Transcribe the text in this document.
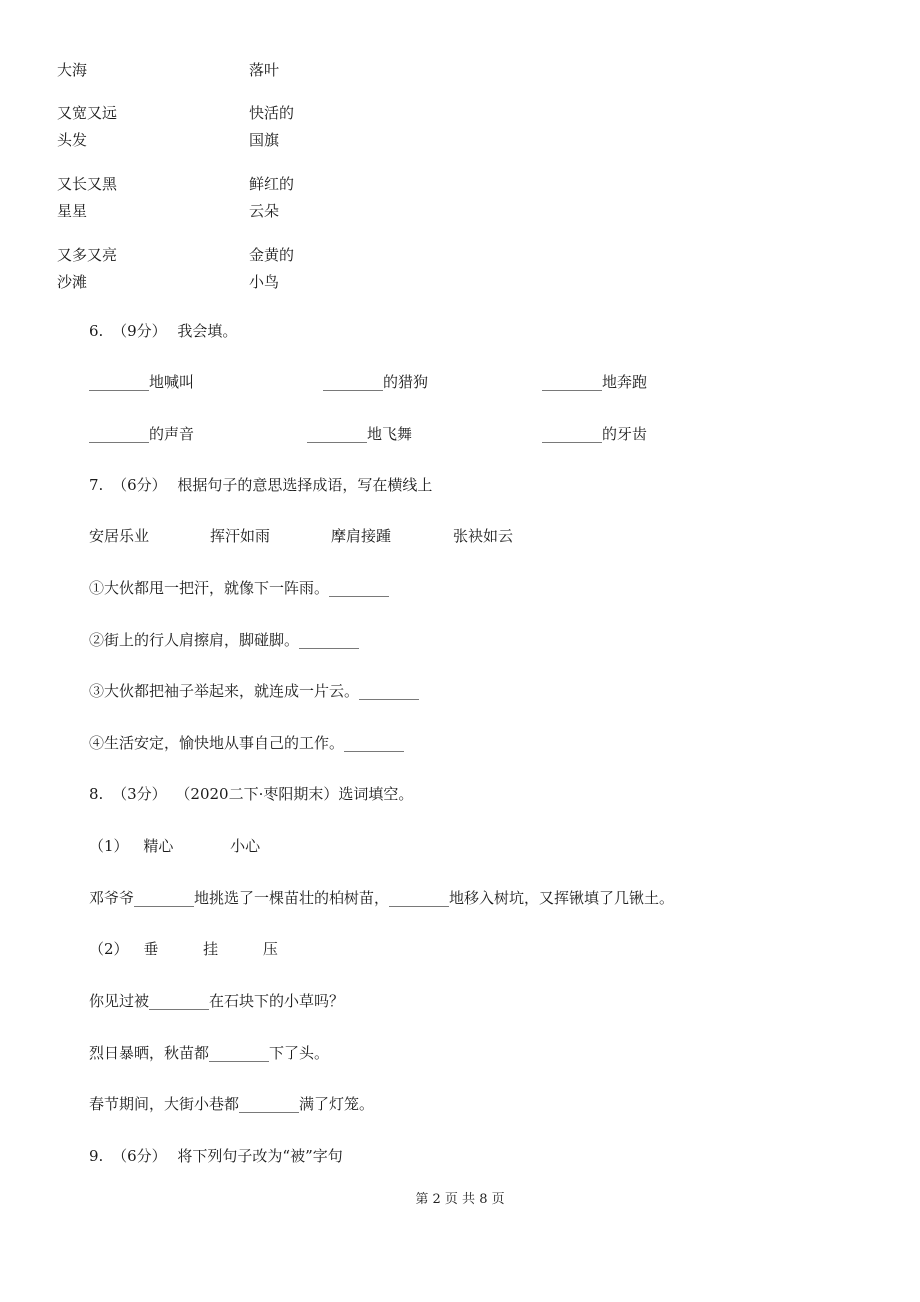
大海	落叶
又宽又远	快活的
头发	国旗
又长又黑	鲜红的
星星	云朵
又多又亮	金黄的
沙滩	小鸟
6. （9分） 我会填。
________地喊叫	________的猎狗	________地奔跑
________的声音	________地飞舞	________的牙齿
7. （6分） 根据句子的意思选择成语，写在横线上
安居乐业	挥汗如雨	摩肩接踵	张袂如云
①大伙都甩一把汗，就像下一阵雨。________
②街上的行人肩擦肩，脚碰脚。________
③大伙都把袖子举起来，就连成一片云。________
④生活安定，愉快地从事自己的工作。________
8. （3分） （2020二下·枣阳期末）选词填空。
（1） 精心	小心
邓爷爷________地挑选了一棵苗壮的柏树苗，________地移入树坑，又挥锹填了几锹土。
（2） 垂	挂	压
你见过被________在石块下的小草吗？
烈日暴晒，秋苗都________下了头。
春节期间，大街小巷都________满了灯笼。
9. （6分） 将下列句子改为“被”字句
第 2 页 共 8 页
